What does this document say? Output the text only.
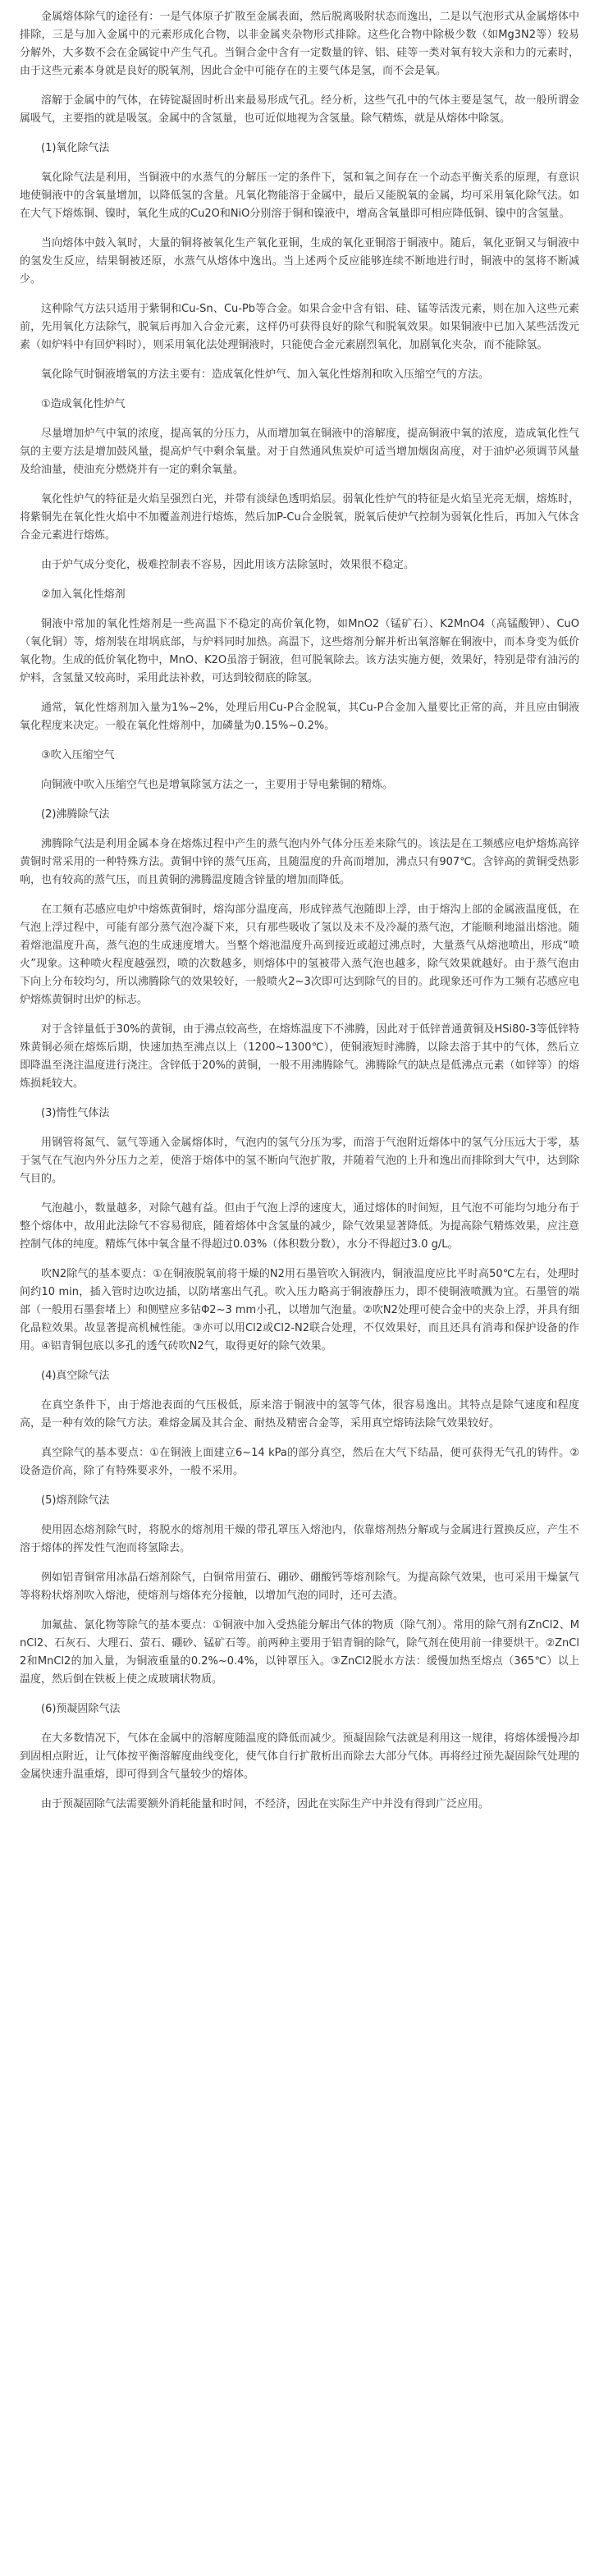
金属熔体除气的途径有：一是气体原子扩散至金属表面，然后脱离吸附状态而逸出，二是以气泡形式从金属熔体中排除，三是与加入金属中的元素形成化合物，以非金属夹杂物形式排除。这些化合物中除极少数（如Mg3N2等）较易分解外，大多数不会在金属锭中产生气孔。当铜合金中含有一定数量的锌、铝、硅等一类对氧有较大亲和力的元素时，由于这些元素本身就是良好的脱氧剂，因此合金中可能存在的主要气体是氢，而不会是氧。

溶解于金属中的气体，在铸锭凝固时析出来最易形成气孔。经分析，这些气孔中的气体主要是氢气，故一般所谓金属吸气，主要指的就是吸氢。金属中的含氢量，也可近似地视为含氢量。除气精炼，就是从熔体中除氢。

(1)氧化除气法

氧化除气法是利用，当铜液中的水蒸气的分解压一定的条件下，氢和氧之间存在一个动态平衡关系的原理，有意识地使铜液中的含氧量增加，以降低氢的含量。凡氧化物能溶于金属中，最后又能脱氧的金属，均可采用氧化除气法。如在大气下熔炼铜、镍时，氧化生成的Cu2O和NiO分别溶于铜和镍液中，增高含氧量即可相应降低铜、镍中的含氢量。

当向熔体中鼓入氧时，大量的铜将被氧化生产氧化亚铜，生成的氧化亚铜溶于铜液中。随后，氧化亚铜又与铜液中的氢发生反应，结果铜被还原，水蒸气从熔体中逸出。当上述两个反应能够连续不断地进行时，铜液中的氢将不断减少。

这种除气方法只适用于紫铜和Cu-Sn、Cu-Pb等合金。如果合金中含有铝、硅、锰等活泼元素，则在加入这些元素前，先用氧化方法除气，脱氧后再加入合金元素，这样仍可获得良好的除气和脱氧效果。如果铜液中已加入某些活泼元素（如炉料中有回炉料时），则采用氧化法处理铜液时，只能使合金元素剧烈氧化，加剧氧化夹杂，而不能除氢。

氧化除气时铜液增氧的方法主要有：造成氧化性炉气、加入氧化性熔剂和吹入压缩空气的方法。

①造成氧化性炉气

尽量增加炉气中氧的浓度，提高氧的分压力，从而增加氧在铜液中的溶解度，提高铜液中氧的浓度，造成氧化性气氛的主要方法是增加鼓风量，提高炉气中剩余氧量。对于自然通风焦炭炉可适当增加烟囱高度，对于油炉必须调节风量及给油量，使油充分燃烧并有一定的剩余氧量。

氧化性炉气的特征是火焰呈强烈白光，并带有淡绿色透明焰层。弱氧化性炉气的特征是火焰呈光亮无烟，熔炼时，将紫铜先在氧化性火焰中不加覆盖剂进行熔炼，然后加P-Cu合金脱氧，脱氧后使炉气控制为弱氧化性后，再加入气体含合金元素进行熔炼。

由于炉气成分变化，极难控制表不容易，因此用该方法除氢时，效果很不稳定。

②加入氧化性熔剂

铜液中常加的氧化性熔剂是一些高温下不稳定的高价氧化物，如MnO2（锰矿石）、K2MnO4（高锰酸钾）、CuO（氧化铜）等，熔剂装在坩埚底部，与炉料同时加热。高温下，这些熔剂分解并析出氧溶解在铜液中，而本身变为低价氧化物。生成的低价氧化物中，MnO、K2O虽溶于铜液，但可脱氧除去。该方法实施方便，效果好，特别是带有油污的炉料，含氢量又较高时，采用此法补救，可达到较彻底的除氢。

通常，氧化性熔剂加入量为1%~2%，处理后用Cu-P合金脱氧，其Cu-P合金加入量要比正常的高，并且应由铜液氧化程度来决定。一般在氧化性熔剂中，加磷量为0.15%~0.2%。

③吹入压缩空气

向铜液中吹入压缩空气也是增氧除氢方法之一，主要用于导电紫铜的精炼。

(2)沸腾除气法

沸腾除气法是利用金属本身在熔炼过程中产生的蒸气泡内外气体分压差来除气的。该法是在工频感应电炉熔炼高锌黄铜时常采用的一种特殊方法。黄铜中锌的蒸气压高，且随温度的升高而增加，沸点只有907℃。含锌高的黄铜受热影响，也有较高的蒸气压，而且黄铜的沸腾温度随含锌量的增加而降低。

在工频有芯感应电炉中熔炼黄铜时，熔沟部分温度高，形成锌蒸气泡随即上浮，由于熔沟上部的金属液温度低，在气泡上浮过程中，可能有部分蒸气泡冷凝下来，只有那些吸收了氢以及未不及冷凝的蒸气泡，才能顺利地溢出熔池。随着熔池温度升高，蒸气泡的生成速度增大。当整个熔池温度升高到接近或超过沸点时，大量蒸气从熔池喷出，形成“喷火”现象。这种喷火程度越强烈，喷的次数越多，则熔体中的氢被带入蒸气泡也越多，除气效果就越好。由于蒸气泡由下向上分布较均匀，所以沸腾除气的效果较好，一般喷火2~3次即可达到除气的目的。此现象还可作为工频有芯感应电炉熔炼黄铜时出炉的标志。

对于含锌量低于30%的黄铜，由于沸点较高些，在熔炼温度下不沸腾，因此对于低锌普通黄铜及HSi80-3等低锌特殊黄铜必须在熔炼后期，快速加热至沸点以上（1200~1300℃），使铜液短时沸腾，以除去溶于其中的气体，然后立即降温至浇注温度进行浇注。含锌低于20%的黄铜，一般不用沸腾除气。沸腾除气的缺点是低沸点元素（如锌等）的熔炼损耗较大。

(3)惰性气体法

用钢管将氮气、氩气等通入金属熔体时，气泡内的氢气分压为零，而溶于气泡附近熔体中的氢气分压远大于零，基于氢气在气泡内外分压力之差，使溶于熔体中的氢不断向气泡扩散，并随着气泡的上升和逸出而排除到大气中，达到除气目的。

气泡越小，数量越多，对除气越有益。但由于气泡上浮的速度大，通过熔体的时间短，且气泡不可能均匀地分布于整个熔体中，故用此法除气不容易彻底，随着熔体中含氢量的减少，除气效果显著降低。为提高除气精炼效果，应注意控制气体的纯度。精炼气体中氧含量不得超过0.03%（体积数分数），水分不得超过3.0 g/L。

吹N2除气的基本要点：①在铜液脱氧前将干燥的N2用石墨管吹入铜液内，铜液温度应比平时高50℃左右，处理时间约10 min，插入管时边吹边插，以防堵塞出气孔。吹入压力略高于铜液静压力，即不使铜液喷溅为宜。石墨管的端部（一般用石墨套堵上）和侧壁应多钻Φ2~3 mm小孔，以增加气泡量。②吹N2处理可使合金中的夹杂上浮，并具有细化晶粒效果。故显著提高机械性能。③亦可以用Cl2或Cl2-N2联合处理，不仅效果好，而且还具有消毒和保护设备的作用。④铝青铜包底以多孔的透气砖吹N2气，取得更好的除气效果。

(4)真空除气法

在真空条件下，由于熔池表面的气压极低，原来溶于铜液中的氢等气体，很容易逸出。其特点是除气速度和程度高，是一种有效的除气方法。难熔金属及其合金、耐热及精密合金等，采用真空熔铸法除气效果较好。

真空除气的基本要点：①在铜液上面建立6~14 kPa的部分真空，然后在大气下结晶，便可获得无气孔的铸件。②设备造价高，除了有特殊要求外，一般不采用。

(5)熔剂除气法

使用固态熔剂除气时，将脱水的熔剂用干燥的带孔罩压入熔池内，依靠熔剂热分解或与金属进行置换反应，产生不溶于熔体的挥发性气泡而将氢除去。

例如铝青铜常用冰晶石熔剂除气，白铜常用萤石、硼砂、硼酸钙等熔剂除气。为提高除气效果，也可采用干燥氯气等将粉状熔剂吹入熔池，使熔剂与熔体充分接触，以增加气泡的同时，还可去渣。

加氟盐、氯化物等除气的基本要点：①铜液中加入受热能分解出气体的物质（除气剂）。常用的除气剂有ZnCl2、MnCl2、石灰石、大理石、萤石、硼砂、锰矿石等。前两种主要用于铝青铜的除气，除气剂在使用前一律要烘干。②ZnCl2和MnCl2的加入量，为铜液重量的0.2%~0.4%，以钟罩压入。③ZnCl2脱水方法：缓慢加热至熔点（365℃）以上温度，然后倒在铁板上使之成玻璃状物质。

(6)预凝固除气法

在大多数情况下，气体在金属中的溶解度随温度的降低而减少。预凝固除气法就是利用这一规律，将熔体缓慢冷却到固相点附近，让气体按平衡溶解度曲线变化，使气体自行扩散析出而除去大部分气体。再将经过预先凝固除气处理的金属快速升温重熔，即可得到含气量较少的熔体。

由于预凝固除气法需要额外消耗能量和时间，不经济，因此在实际生产中并没有得到广泛应用。
